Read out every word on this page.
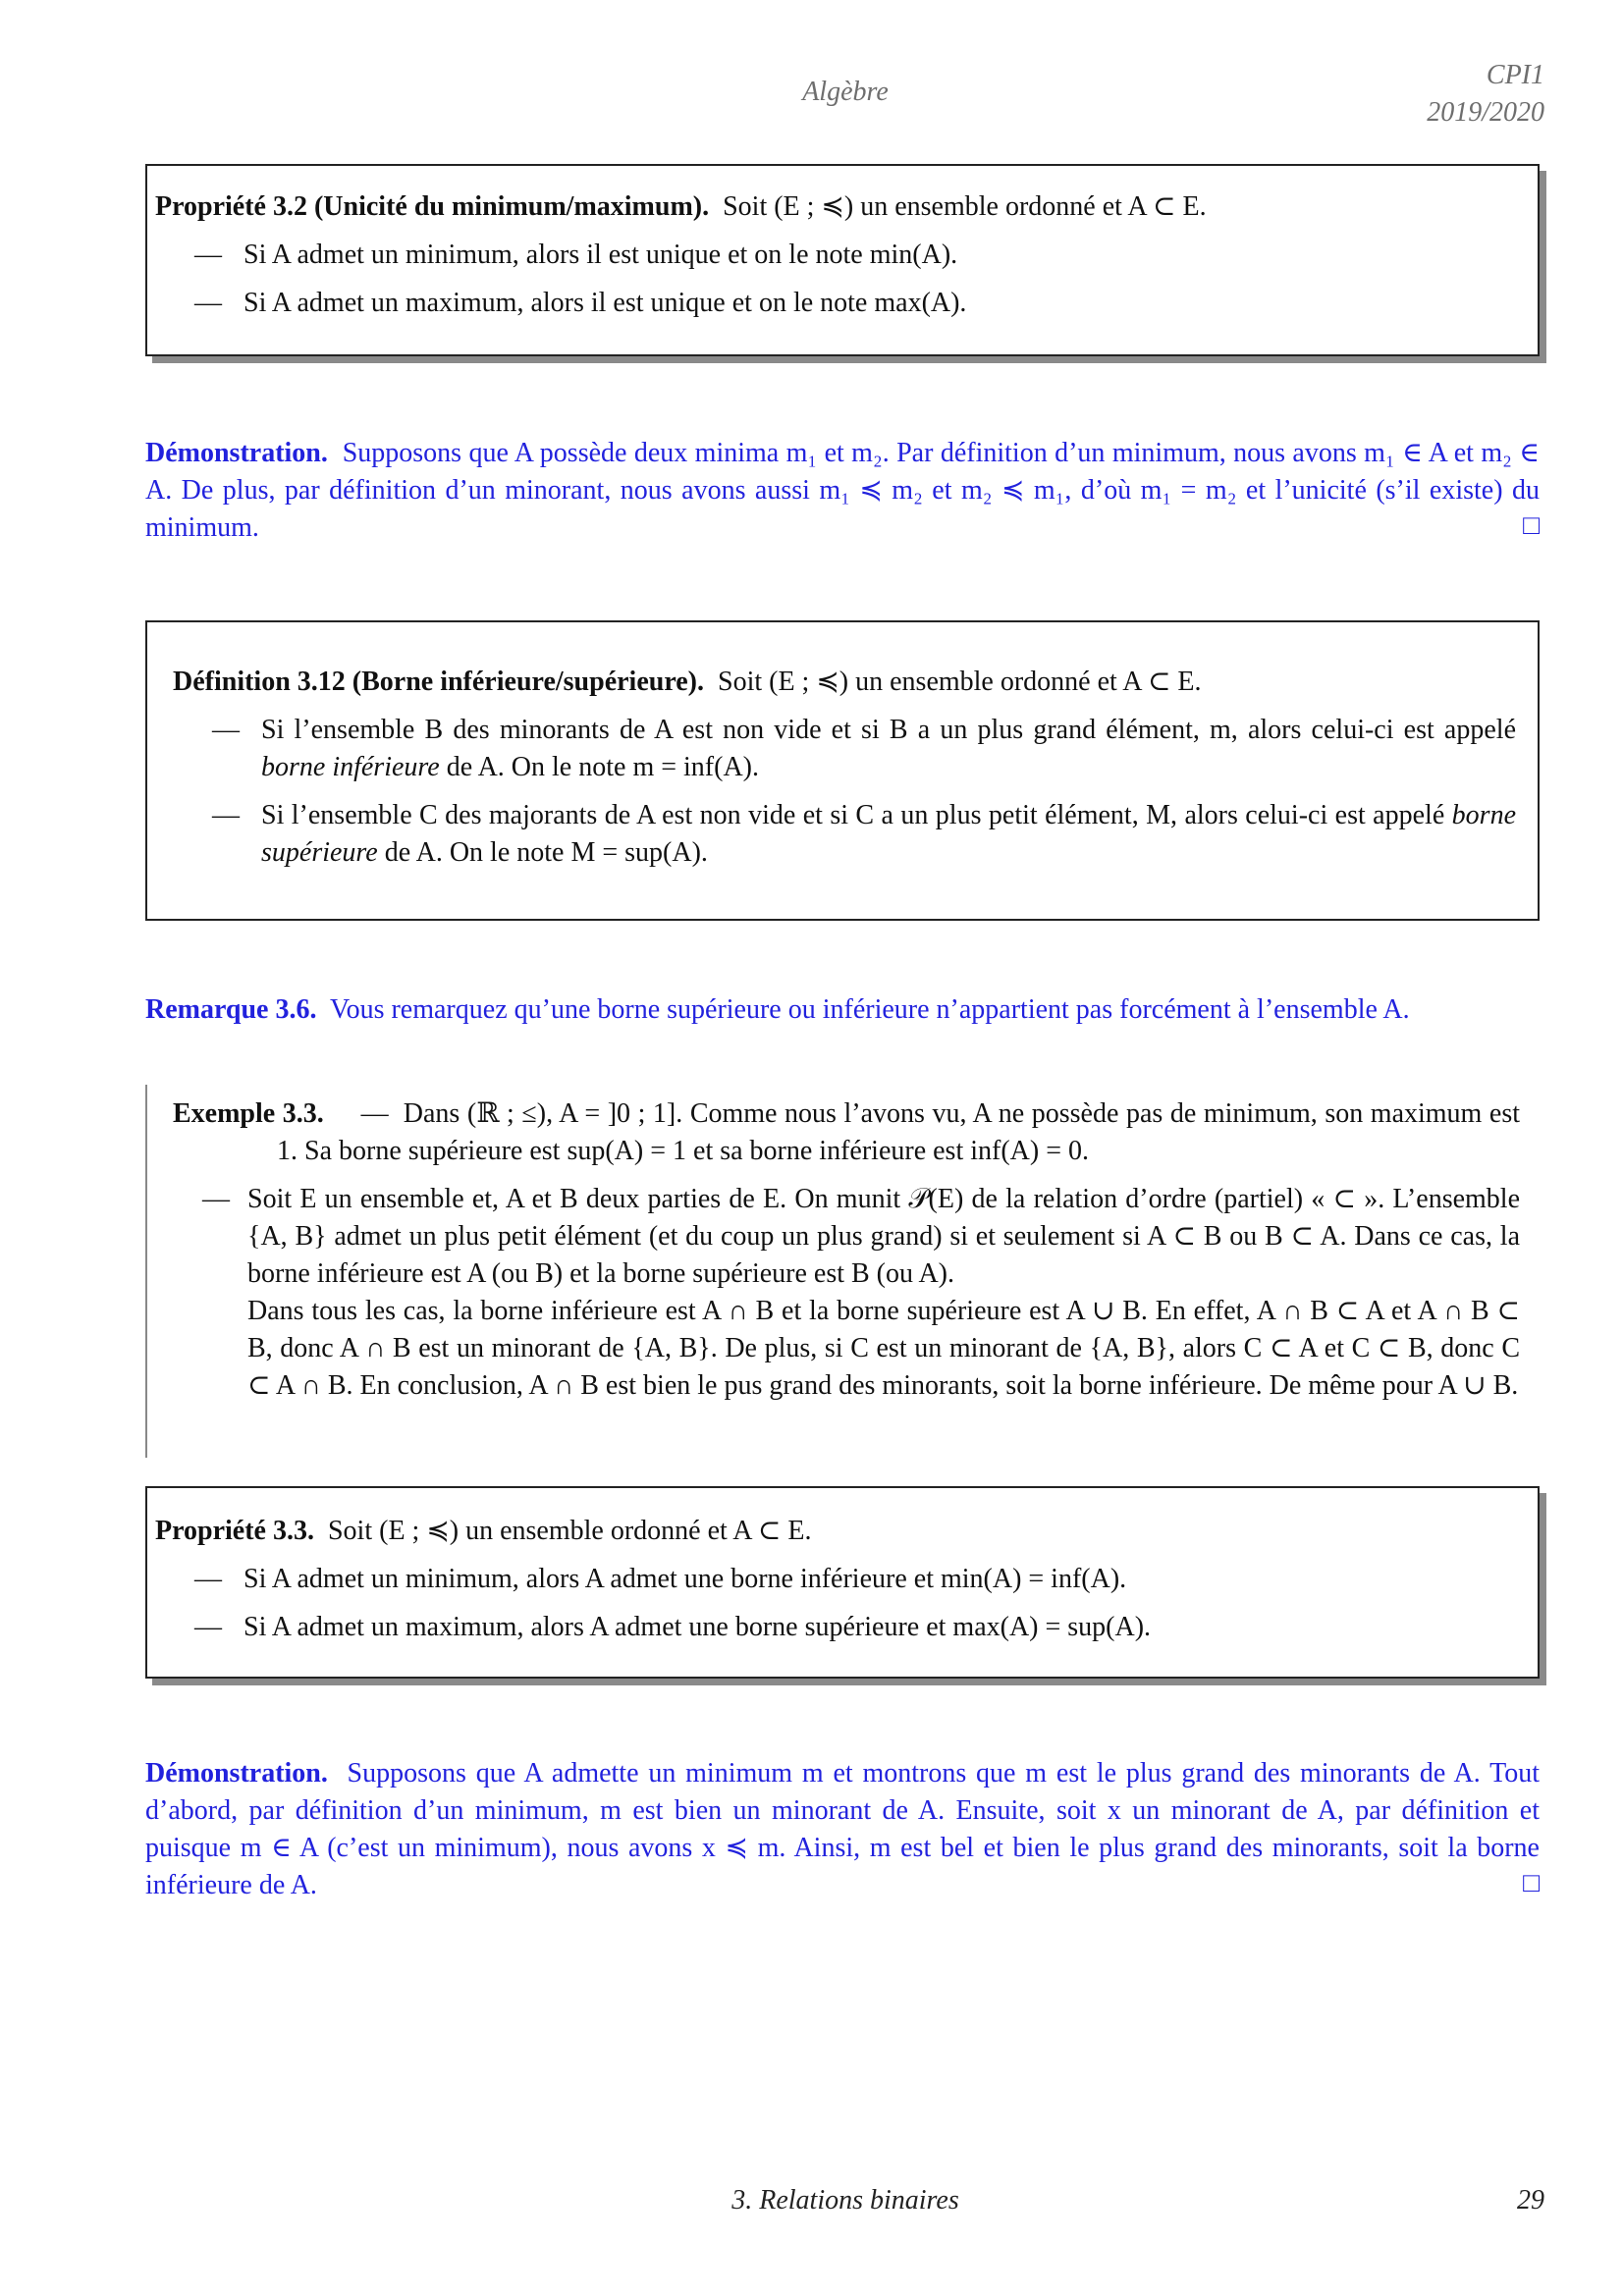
Algèbre
CPI1
2019/2020
Propriété 3.2 (Unicité du minimum/maximum). Soit (E ; ≼) un ensemble ordonné et A ⊂ E.
— Si A admet un minimum, alors il est unique et on le note min(A).
— Si A admet un maximum, alors il est unique et on le note max(A).
Démonstration. Supposons que A possède deux minima m₁ et m₂. Par définition d’un minimum, nous avons m₁ ∈ A et m₂ ∈ A. De plus, par définition d’un minorant, nous avons aussi m₁ ≼ m₂ et m₂ ≼ m₁, d’où m₁ = m₂ et l’unicité (s’il existe) du minimum.	□
Définition 3.12 (Borne inférieure/supérieure). Soit (E ; ≼) un ensemble ordonné et A ⊂ E.
— Si l’ensemble B des minorants de A est non vide et si B a un plus grand élément, m, alors celui-ci est appelé borne inférieure de A. On le note m = inf(A).
— Si l’ensemble C des majorants de A est non vide et si C a un plus petit élément, M, alors celui-ci est appelé borne supérieure de A. On le note M = sup(A).
Remarque 3.6. Vous remarquez qu’une borne supérieure ou inférieure n’appartient pas forcément à l’ensemble A.
Exemple 3.3. — Dans (ℝ ; ≤), A = ]0 ; 1]. Comme nous l’avons vu, A ne possède pas de minimum, son maximum est 1. Sa borne supérieure est sup(A) = 1 et sa borne inférieure est inf(A) = 0.
— Soit E un ensemble et, A et B deux parties de E. On munit 𝒫(E) de la relation d’ordre (partiel) « ⊂ ». L’ensemble {A, B} admet un plus petit élément (et du coup un plus grand) si et seulement si A ⊂ B ou B ⊂ A. Dans ce cas, la borne inférieure est A (ou B) et la borne supérieure est B (ou A).
Dans tous les cas, la borne inférieure est A ∩ B et la borne supérieure est A ∪ B. En effet, A ∩ B ⊂ A et A ∩ B ⊂ B, donc A ∩ B est un minorant de {A, B}. De plus, si C est un minorant de {A, B}, alors C ⊂ A et C ⊂ B, donc C ⊂ A ∩ B. En conclusion, A ∩ B est bien le pus grand des minorants, soit la borne inférieure. De même pour A ∪ B.
Propriété 3.3. Soit (E ; ≼) un ensemble ordonné et A ⊂ E.
— Si A admet un minimum, alors A admet une borne inférieure et min(A) = inf(A).
— Si A admet un maximum, alors A admet une borne supérieure et max(A) = sup(A).
Démonstration. Supposons que A admette un minimum m et montrons que m est le plus grand des minorants de A. Tout d’abord, par définition d’un minimum, m est bien un minorant de A. Ensuite, soit x un minorant de A, par définition et puisque m ∈ A (c’est un minimum), nous avons x ≼ m. Ainsi, m est bel et bien le plus grand des minorants, soit la borne inférieure de A.	□
3. Relations binaires	29
